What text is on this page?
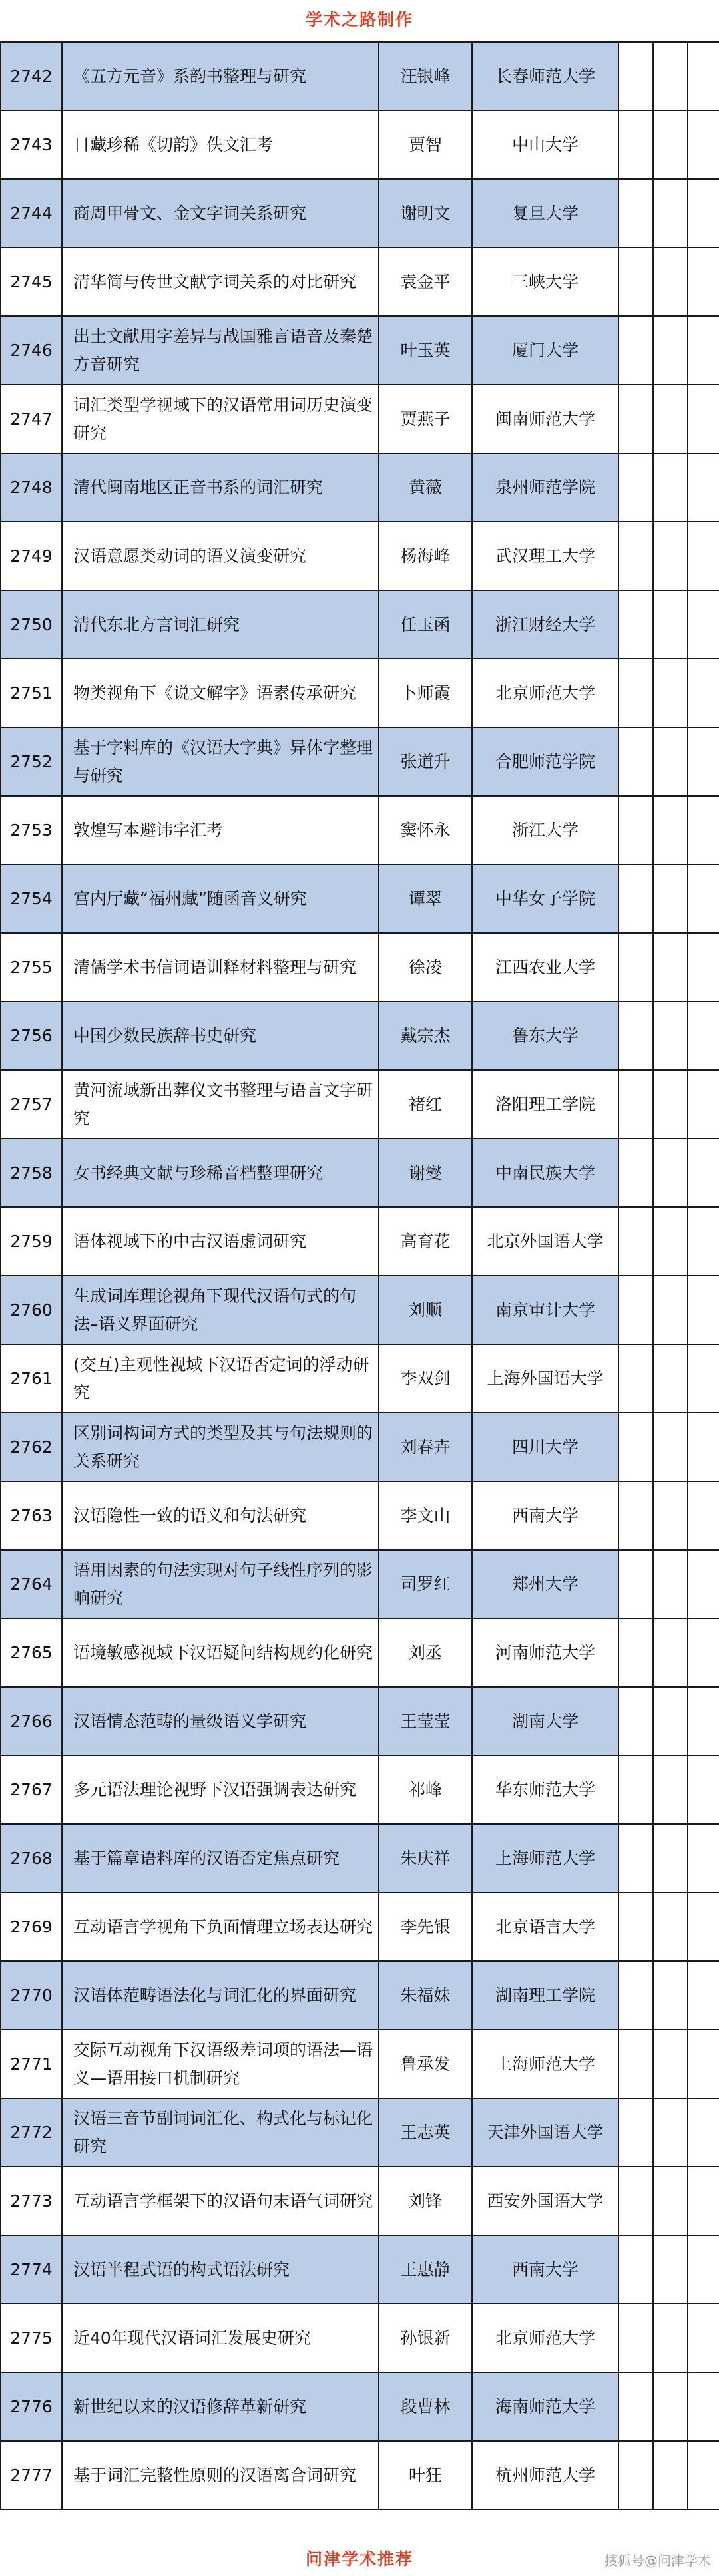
学术之路制作
2742	《五方元音》系韵书整理与研究	汪银峰	长春师范大学			
2743	日藏珍稀《切韵》佚文汇考	贾智	中山大学			
2744	商周甲骨文、金文字词关系研究	谢明文	复旦大学			
2745	清华简与传世文献字词关系的对比研究	袁金平	三峡大学			
2746	出土文献用字差异与战国雅言语音及秦楚方音研究	叶玉英	厦门大学			
2747	词汇类型学视域下的汉语常用词历史演变研究	贾燕子	闽南师范大学			
2748	清代闽南地区正音书系的词汇研究	黄薇	泉州师范学院			
2749	汉语意愿类动词的语义演变研究	杨海峰	武汉理工大学			
2750	清代东北方言词汇研究	任玉函	浙江财经大学			
2751	物类视角下《说文解字》语素传承研究	卜师霞	北京师范大学			
2752	基于字料库的《汉语大字典》异体字整理与研究	张道升	合肥师范学院			
2753	敦煌写本避讳字汇考	窦怀永	浙江大学			
2754	宫内厅藏“福州藏”随函音义研究	谭翠	中华女子学院			
2755	清儒学术书信词语训释材料整理与研究	徐凌	江西农业大学			
2756	中国少数民族辞书史研究	戴宗杰	鲁东大学			
2757	黄河流域新出葬仪文书整理与语言文字研究	褚红	洛阳理工学院			
2758	女书经典文献与珍稀音档整理研究	谢燮	中南民族大学			
2759	语体视域下的中古汉语虚词研究	高育花	北京外国语大学			
2760	生成词库理论视角下现代汉语句式的句法–语义界面研究	刘顺	南京审计大学			
2761	(交互)主观性视域下汉语否定词的浮动研究	李双剑	上海外国语大学			
2762	区别词构词方式的类型及其与句法规则的关系研究	刘春卉	四川大学			
2763	汉语隐性一致的语义和句法研究	李文山	西南大学			
2764	语用因素的句法实现对句子线性序列的影响研究	司罗红	郑州大学			
2765	语境敏感视域下汉语疑问结构规约化研究	刘丞	河南师范大学			
2766	汉语情态范畴的量级语义学研究	王莹莹	湖南大学			
2767	多元语法理论视野下汉语强调表达研究	祁峰	华东师范大学			
2768	基于篇章语料库的汉语否定焦点研究	朱庆祥	上海师范大学			
2769	互动语言学视角下负面情理立场表达研究	李先银	北京语言大学			
2770	汉语体范畴语法化与词汇化的界面研究	朱福妹	湖南理工学院			
2771	交际互动视角下汉语级差词项的语法—语义—语用接口机制研究	鲁承发	上海师范大学			
2772	汉语三音节副词词汇化、构式化与标记化研究	王志英	天津外国语大学			
2773	互动语言学框架下的汉语句末语气词研究	刘锋	西安外国语大学			
2774	汉语半程式语的构式语法研究	王惠静	西南大学			
2775	近40年现代汉语词汇发展史研究	孙银新	北京师范大学			
2776	新世纪以来的汉语修辞革新研究	段曹林	海南师范大学			
2777	基于词汇完整性原则的汉语离合词研究	叶狂	杭州师范大学			
问津学术推荐	搜狐号@问津学术
